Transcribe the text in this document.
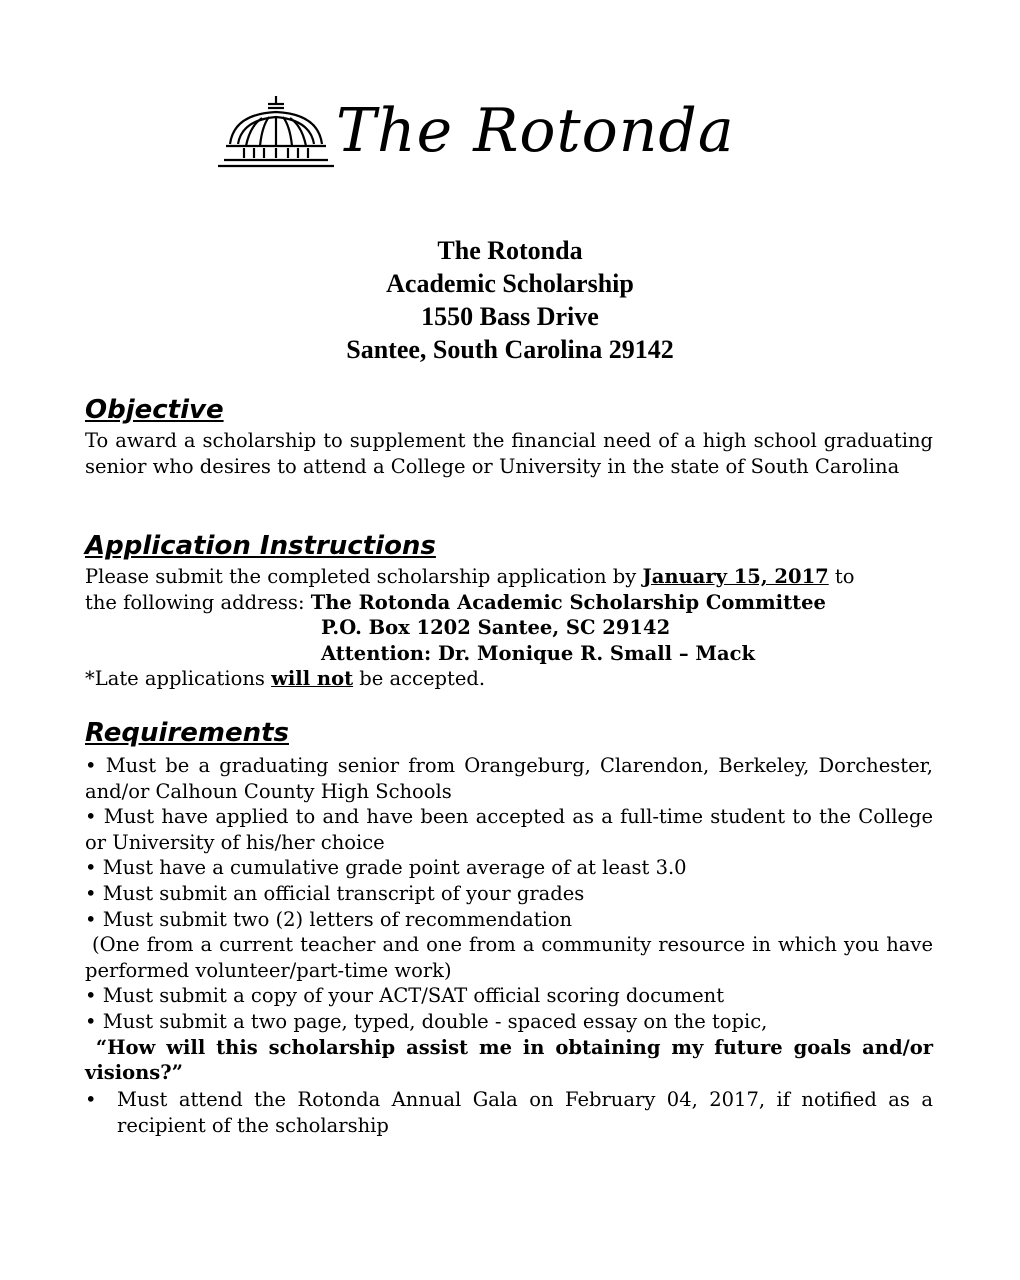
The Rotonda
The Rotonda
Academic Scholarship
1550 Bass Drive
Santee, South Carolina 29142
Objective
To award a scholarship to supplement the financial need of a high school graduating senior who desires to attend a College or University in the state of South Carolina
Application Instructions
Please submit the completed scholarship application by January 15, 2017 to
the following address: The Rotonda Academic Scholarship Committee
P.O. Box 1202 Santee, SC 29142
Attention: Dr. Monique R. Small – Mack
*Late applications will not be accepted.
Requirements
• Must be a graduating senior from Orangeburg, Clarendon, Berkeley, Dorchester, and/or Calhoun County High Schools
• Must have applied to and have been accepted as a full-time student to the College or University of his/her choice
• Must have a cumulative grade point average of at least 3.0
• Must submit an official transcript of your grades
• Must submit two (2) letters of recommendation
(One from a current teacher and one from a community resource in which you have performed volunteer/part-time work)
• Must submit a copy of your ACT/SAT official scoring document
• Must submit a two page, typed, double - spaced essay on the topic,
“How will this scholarship assist me in obtaining my future goals and/or visions?”
•	Must attend the Rotonda Annual Gala on February 04, 2017, if notified as a recipient of the scholarship
